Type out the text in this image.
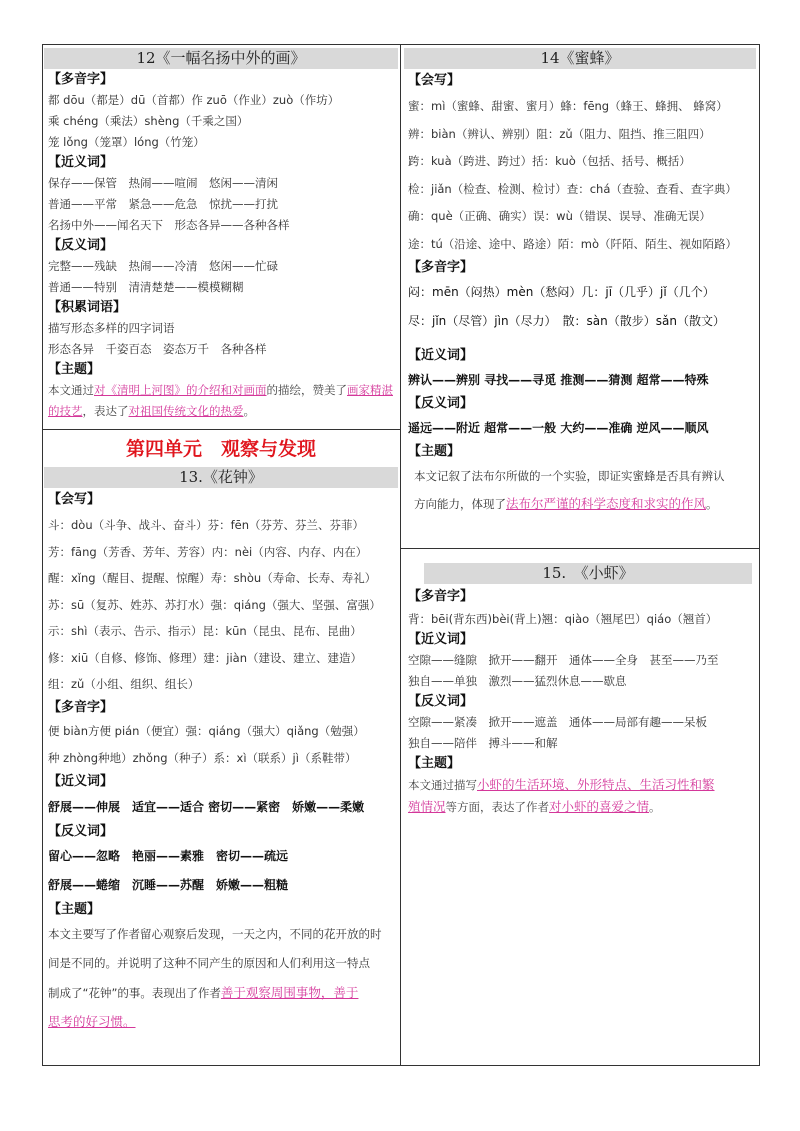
12《一幅名扬中外的画》
【多音字】
都 dōu（都是）dū（首都）作 zuō（作业）zuò（作坊）
乘 chéng（乘法）shèng（千乘之国）
笼 lǒng（笼罩）lóng（竹笼）
【近义词】
保存——保管　热闹——喧闹　悠闲——清闲
普通——平常　紧急——危急　惊扰——打扰
名扬中外——闻名天下　形态各异——各种各样
【反义词】
完整——残缺　热闹——冷清　悠闲——忙碌
普通——特别　清清楚楚——模模糊糊
【积累词语】
描写形态多样的四字词语
形态各异　千姿百态　姿态万千　各种各样
【主题】
本文通过对《清明上河图》的介绍和对画面的描绘，赞美了画家精湛的技艺，表达了对祖国传统文化的热爱。
第四单元　观察与发现
13.《花钟》
【会写】
斗：dòu（斗争、战斗、奋斗）芬：fēn（芬芳、芬兰、芬菲）
芳：fāng（芳香、芳年、芳容）内：nèi（内容、内存、内在）
醒：xǐng（醒目、提醒、惊醒）寿：shòu（寿命、长寿、寿礼）
苏：sū（复苏、姓苏、苏打水）强：qiáng（强大、坚强、富强）
示：shì（表示、告示、指示）昆：kūn（昆虫、昆布、昆曲）
修：xiū（自修、修饰、修理）建：jiàn（建设、建立、建造）
组：zǔ（小组、组织、组长）
【多音字】
便 biàn方便 pián（便宜）强：qiáng（强大）qiǎng（勉强）
种 zhòng种地）zhǒng（种子）系：xì（联系）jì（系鞋带）
【近义词】
舒展——伸展　适宜——适合 密切——紧密　娇嫩——柔嫩
【反义词】
留心——忽略　艳丽——素雅　密切——疏远
舒展——蜷缩　沉睡——苏醒　娇嫩——粗糙
【主题】
本文主要写了作者留心观察后发现，一天之内，不同的花开放的时
间是不同的。并说明了这种不同产生的原因和人们利用这一特点
制成了“花钟”的事。表现出了作者善于观察周围事物，善于
思考的好习惯。
14《蜜蜂》
【会写】
蜜：mì（蜜蜂、甜蜜、蜜月）蜂：fēng（蜂王、蜂拥、 蜂窝）
辨：biàn（辨认、辨别）阻：zǔ（阻力、阻挡、推三阻四）
跨：kuà（跨进、跨过）括：kuò（包括、括号、概括）
检：jiǎn（检查、检测、检讨）查：chá（查验、查看、查字典）
确：què（正确、确实）误：wù（错误、误导、准确无误）
途：tú（沿途、途中、路途）陌：mò（阡陌、陌生、视如陌路）
【多音字】
闷：mēn（闷热）mèn（愁闷）几：jī（几乎）jǐ（几个）
尽：jǐn（尽管）jìn（尽力）　散：sàn（散步）sǎn（散文）
【近义词】
辨认——辨别 寻找——寻觅 推测——猜测 超常——特殊
【反义词】
遥远——附近 超常——一般 大约——准确 逆风——顺风
【主题】
本文记叙了法布尔所做的一个实验，即证实蜜蜂是否具有辨认
方向能力，体现了法布尔严谨的科学态度和求实的作风。
15.　《小虾》
【多音字】
背：bēi(背东西)bèi(背上)翘：qiào（翘尾巴）qiáo（翘首）
【近义词】
空隙——缝隙　掀开——翻开　通体——全身　甚至——乃至
独自——单独　激烈——猛烈休息——歇息
【反义词】
空隙——紧凑　掀开——遮盖　通体——局部有趣——呆板
独自——陪伴　搏斗——和解
【主题】
本文通过描写小虾的生活环境、外形特点、生活习性和繁
殖情况等方面，表达了作者对小虾的喜爱之情。
